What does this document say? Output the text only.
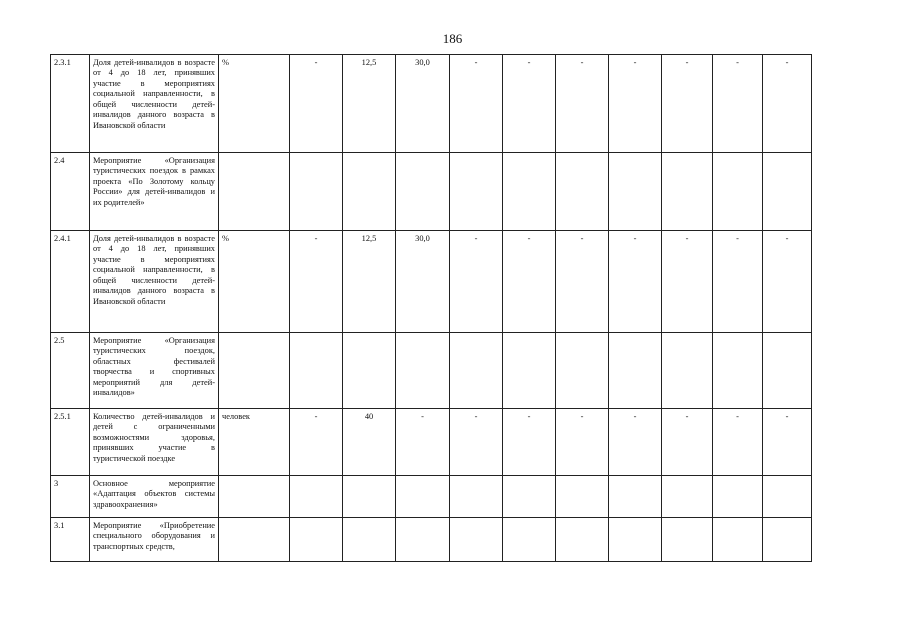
186
2.3.1	Доля детей-инвалидов в возрасте от 4 до 18 лет, принявших участие в мероприятиях социальной направленности, в общей численности детей-инвалидов данного возраста в Ивановской области	%	-	12,5	30,0	-	-	-	-	-	-	-
2.4	Мероприятие «Организация туристических поездок в рамках проекта «По Золотому кольцу России» для детей-инвалидов и их родителей»											
2.4.1	Доля детей-инвалидов в возрасте от 4 до 18 лет, принявших участие в мероприятиях социальной направленности, в общей численности детей-инвалидов данного возраста в Ивановской области	%	-	12,5	30,0	-	-	-	-	-	-	-
2.5	Мероприятие «Организация туристических поездок, областных фестивалей творчества и спортивных мероприятий для детей-инвалидов»											
2.5.1	Количество детей-инвалидов и детей с ограниченными возможностями здоровья, принявших участие в туристической поездке	человек	-	40	-	-	-	-	-	-	-	-
3	Основное мероприятие «Адаптация объектов системы здравоохранения»											
3.1	Мероприятие «Приобретение специального оборудования и транспортных средств,											
